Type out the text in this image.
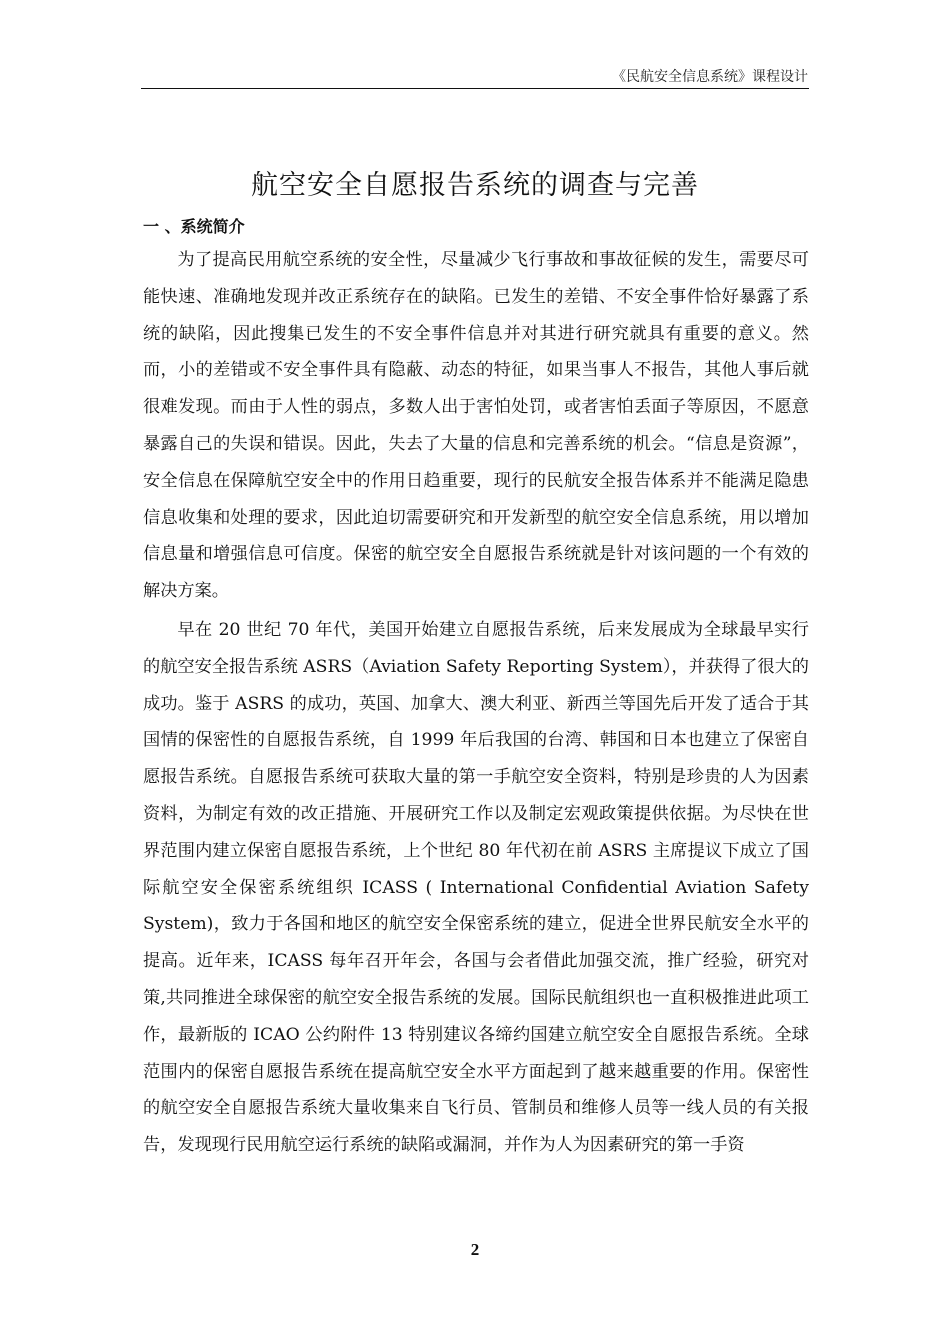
《民航安全信息系统》课程设计
航空安全自愿报告系统的调查与完善
一 、系统简介

为了提高民用航空系统的安全性，尽量减少飞行事故和事故征候的发生，需要尽可能快速、准确地发现并改正系统存在的缺陷。已发生的差错、不安全事件恰好暴露了系统的缺陷，因此搜集已发生的不安全事件信息并对其进行研究就具有重要的意义。然而，小的差错或不安全事件具有隐蔽、动态的特征，如果当事人不报告，其他人事后就很难发现。而由于人性的弱点，多数人出于害怕处罚，或者害怕丢面子等原因，不愿意暴露自己的失误和错误。因此，失去了大量的信息和完善系统的机会。“信息是资源”，安全信息在保障航空安全中的作用日趋重要，现行的民航安全报告体系并不能满足隐患信息收集和处理的要求，因此迫切需要研究和开发新型的航空安全信息系统，用以增加信息量和增强信息可信度。保密的航空安全自愿报告系统就是针对该问题的一个有效的解决方案。

早在 20 世纪 70 年代，美国开始建立自愿报告系统，后来发展成为全球最早实行的航空安全报告系统 ASRS（Aviation Safety Reporting System），并获得了很大的成功。鉴于 ASRS 的成功，英国、加拿大、澳大利亚、新西兰等国先后开发了适合于其国情的保密性的自愿报告系统，自 1999 年后我国的台湾、韩国和日本也建立了保密自愿报告系统。自愿报告系统可获取大量的第一手航空安全资料，特别是珍贵的人为因素资料，为制定有效的改正措施、开展研究工作以及制定宏观政策提供依据。为尽快在世界范围内建立保密自愿报告系统，上个世纪 80 年代初在前 ASRS 主席提议下成立了国际航空安全保密系统组织 ICASS ( International Confidential Aviation Safety System)，致力于各国和地区的航空安全保密系统的建立，促进全世界民航安全水平的提高。近年来，ICASS 每年召开年会，各国与会者借此加强交流，推广经验，研究对策,共同推进全球保密的航空安全报告系统的发展。国际民航组织也一直积极推进此项工作，最新版的 ICAO 公约附件 13 特别建议各缔约国建立航空安全自愿报告系统。全球范围内的保密自愿报告系统在提高航空安全水平方面起到了越来越重要的作用。保密性的航空安全自愿报告系统大量收集来自飞行员、管制员和维修人员等一线人员的有关报告，发现现行民用航空运行系统的缺陷或漏洞，并作为人为因素研究的第一手资

2
